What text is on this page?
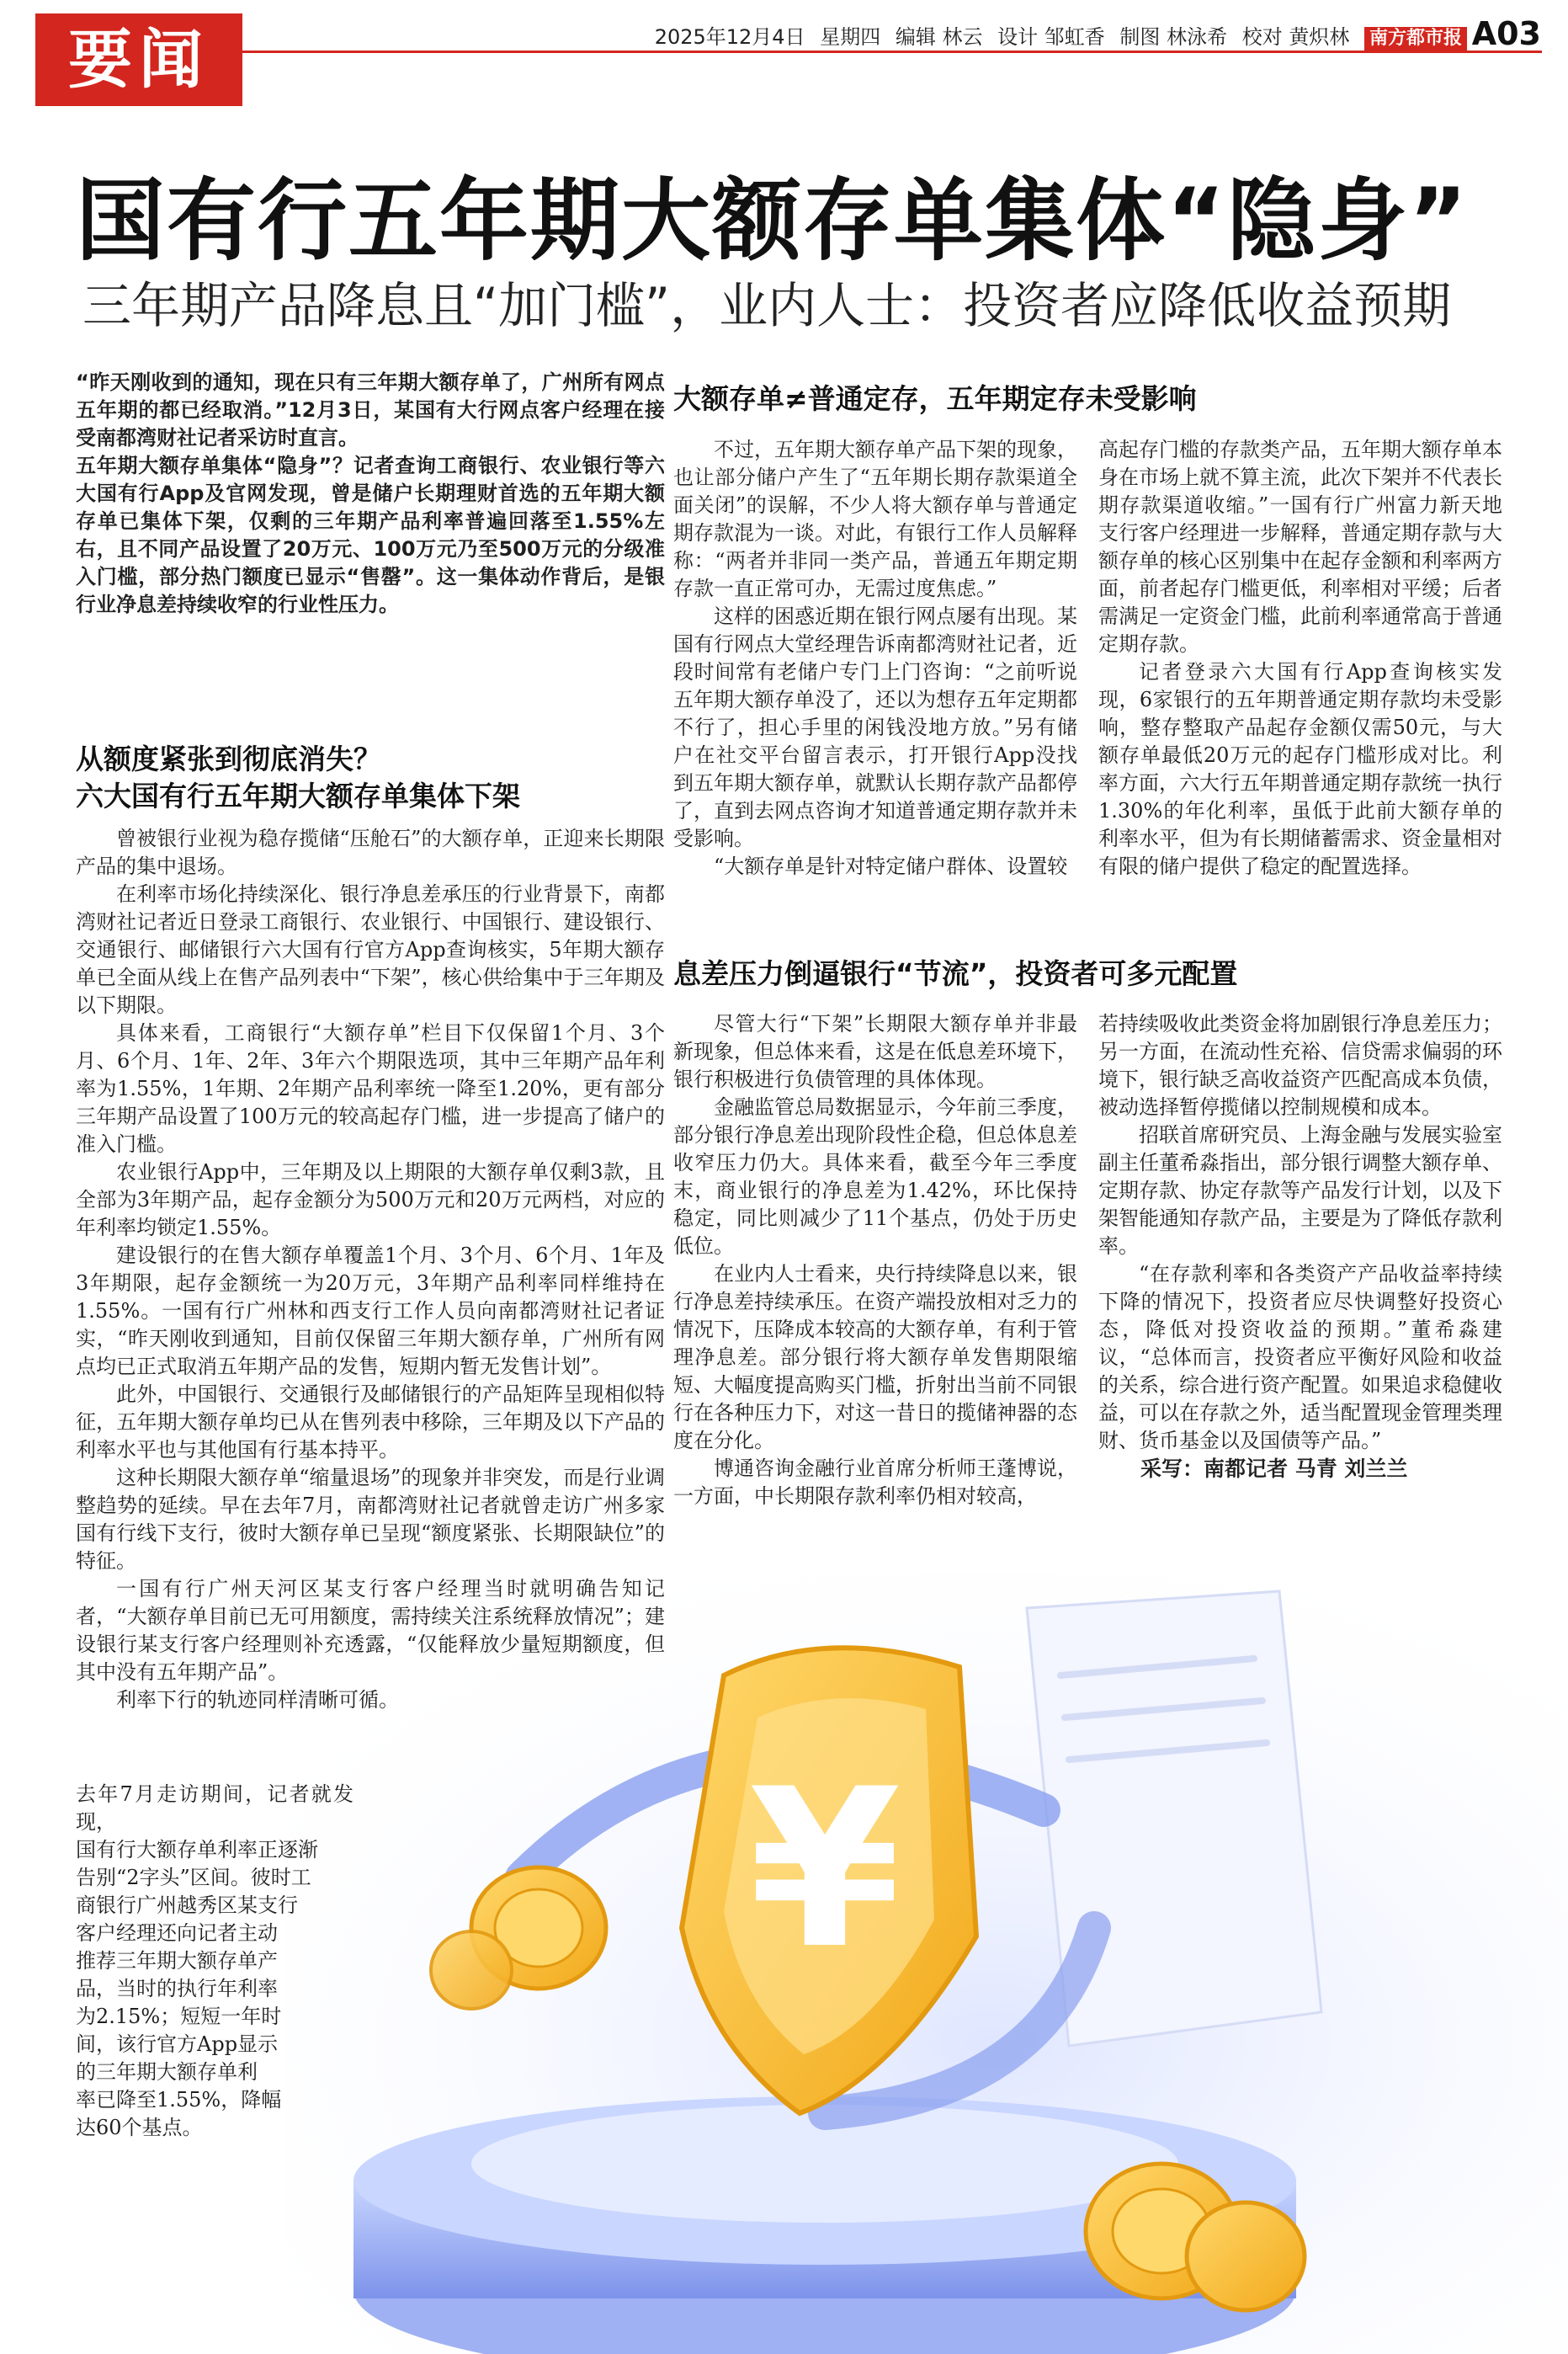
要闻	2025年12月4日 星期四 编辑 林云 设计 邹虹香 制图 林泳希 校对 黄炽林 南方都市报 A03
国有行五年期大额存单集体“隐身”
三年期产品降息且“加门槛”，业内人士：投资者应降低收益预期
¥

“昨天刚收到的通知，现在只有三年期大额存单了，广州所有网点五年期的都已经取消。”12月3日，某国有大行网点客户经理在接受南都湾财社记者采访时直言。

五年期大额存单集体“隐身”？记者查询工商银行、农业银行等六大国有行App及官网发现，曾是储户长期理财首选的五年期大额存单已集体下架，仅剩的三年期产品利率普遍回落至1.55%左右，且不同产品设置了20万元、100万元乃至500万元的分级准入门槛，部分热门额度已显示“售罄”。这一集体动作背后，是银行业净息差持续收窄的行业性压力。

从额度紧张到彻底消失？
六大国有行五年期大额存单集体下架

曾被银行业视为稳存揽储“压舱石”的大额存单，正迎来长期限产品的集中退场。

在利率市场化持续深化、银行净息差承压的行业背景下，南都湾财社记者近日登录工商银行、农业银行、中国银行、建设银行、交通银行、邮储银行六大国有行官方App查询核实，5年期大额存单已全面从线上在售产品列表中“下架”，核心供给集中于三年期及以下期限。

具体来看，工商银行“大额存单”栏目下仅保留1个月、3个月、6个月、1年、2年、3年六个期限选项，其中三年期产品年利率为1.55%，1年期、2年期产品利率统一降至1.20%，更有部分三年期产品设置了100万元的较高起存门槛，进一步提高了储户的准入门槛。

农业银行App中，三年期及以上期限的大额存单仅剩3款，且全部为3年期产品，起存金额分为500万元和20万元两档，对应的年利率均锁定1.55%。

建设银行的在售大额存单覆盖1个月、3个月、6个月、1年及3年期限，起存金额统一为20万元，3年期产品利率同样维持在1.55%。一国有行广州林和西支行工作人员向南都湾财社记者证实，“昨天刚收到通知，目前仅保留三年期大额存单，广州所有网点均已正式取消五年期产品的发售，短期内暂无发售计划”。

此外，中国银行、交通银行及邮储银行的产品矩阵呈现相似特征，五年期大额存单均已从在售列表中移除，三年期及以下产品的利率水平也与其他国有行基本持平。

这种长期限大额存单“缩量退场”的现象并非突发，而是行业调整趋势的延续。早在去年7月，南都湾财社记者就曾走访广州多家国有行线下支行，彼时大额存单已呈现“额度紧张、长期限缺位”的特征。

一国有行广州天河区某支行客户经理当时就明确告知记者，“大额存单目前已无可用额度，需持续关注系统释放情况”；建设银行某支行客户经理则补充透露，“仅能释放少量短期额度，但其中没有五年期产品”。

利率下行的轨迹同样清晰可循。

去年7月走访期间，记者就发现，
国有行大额存单利率正逐渐
告别“2字头”区间。彼时工
商银行广州越秀区某支行
客户经理还向记者主动
推荐三年期大额存单产
品，当时的执行年利率
为2.15%；短短一年时
间，该行官方App显示
的三年期大额存单利
率已降至1.55%，降幅
达60个基点。
大额存单≠普通定存，五年期定存未受影响

不过，五年期大额存单产品下架的现象，也让部分储户产生了“五年期长期存款渠道全面关闭”的误解，不少人将大额存单与普通定期存款混为一谈。对此，有银行工作人员解释称：“两者并非同一类产品，普通五年期定期存款一直正常可办，无需过度焦虑。”

这样的困惑近期在银行网点屡有出现。某国有行网点大堂经理告诉南都湾财社记者，近段时间常有老储户专门上门咨询：“之前听说五年期大额存单没了，还以为想存五年定期都不行了，担心手里的闲钱没地方放。”另有储户在社交平台留言表示，打开银行App没找到五年期大额存单，就默认长期存款产品都停了，直到去网点咨询才知道普通定期存款并未受影响。

“大额存单是针对特定储户群体、设置较

高起存门槛的存款类产品，五年期大额存单本身在市场上就不算主流，此次下架并不代表长期存款渠道收缩。”一国有行广州富力新天地支行客户经理进一步解释，普通定期存款与大额存单的核心区别集中在起存金额和利率两方面，前者起存门槛更低，利率相对平缓；后者需满足一定资金门槛，此前利率通常高于普通定期存款。

记者登录六大国有行App查询核实发现，6家银行的五年期普通定期存款均未受影响，整存整取产品起存金额仅需50元，与大额存单最低20万元的起存门槛形成对比。利率方面，六大行五年期普通定期存款统一执行1.30%的年化利率，虽低于此前大额存单的利率水平，但为有长期储蓄需求、资金量相对有限的储户提供了稳定的配置选择。

息差压力倒逼银行“节流”，投资者可多元配置

尽管大行“下架”长期限大额存单并非最新现象，但总体来看，这是在低息差环境下，银行积极进行负债管理的具体体现。

金融监管总局数据显示，今年前三季度，部分银行净息差出现阶段性企稳，但总体息差收窄压力仍大。具体来看，截至今年三季度末，商业银行的净息差为1.42%，环比保持稳定，同比则减少了11个基点，仍处于历史低位。

在业内人士看来，央行持续降息以来，银行净息差持续承压。在资产端投放相对乏力的情况下，压降成本较高的大额存单，有利于管理净息差。部分银行将大额存单发售期限缩短、大幅度提高购买门槛，折射出当前不同银行在各种压力下，对这一昔日的揽储神器的态度在分化。

博通咨询金融行业首席分析师王蓬博说，一方面，中长期限存款利率仍相对较高，

若持续吸收此类资金将加剧银行净息差压力；另一方面，在流动性充裕、信贷需求偏弱的环境下，银行缺乏高收益资产匹配高成本负债，被动选择暂停揽储以控制规模和成本。

招联首席研究员、上海金融与发展实验室副主任董希淼指出，部分银行调整大额存单、定期存款、协定存款等产品发行计划，以及下架智能通知存款产品，主要是为了降低存款利率。

“在存款利率和各类资产产品收益率持续下降的情况下，投资者应尽快调整好投资心态，降低对投资收益的预期。”董希淼建议，“总体而言，投资者应平衡好风险和收益的关系，综合进行资产配置。如果追求稳健收益，可以在存款之外，适当配置现金管理类理财、货币基金以及国债等产品。”

采写：南都记者 马青 刘兰兰
